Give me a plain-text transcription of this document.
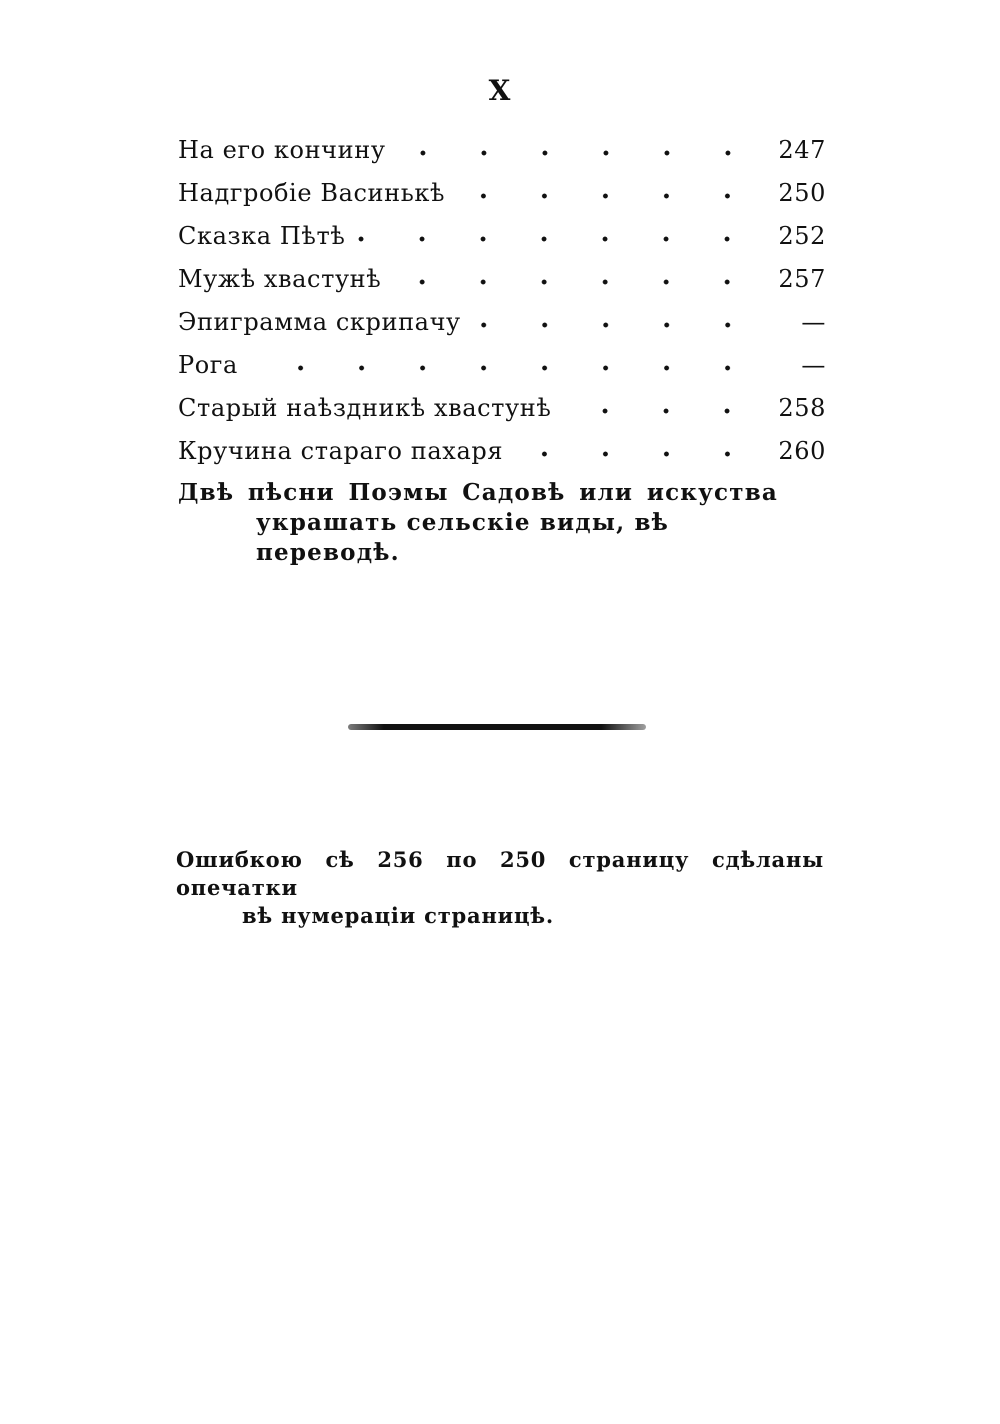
X
На его кончину	247
Надгробіе Васинькѣ	250
Сказка Пѣтѣ	252
Мужѣ хвастунѣ	257
Эпиграмма скрипачу	—
Рога	—
Старый наѣздникѣ хвастунѣ	258
Кручина стараго пахаря	260
Двѣ пѣсни Поэмы Садовѣ или искуства
украшать сельскіе виды, вѣ переводѣ.
Ошибкою сѣ 256 по 250 страницу сдѣланы опечатки
вѣ нумераціи страницѣ.
